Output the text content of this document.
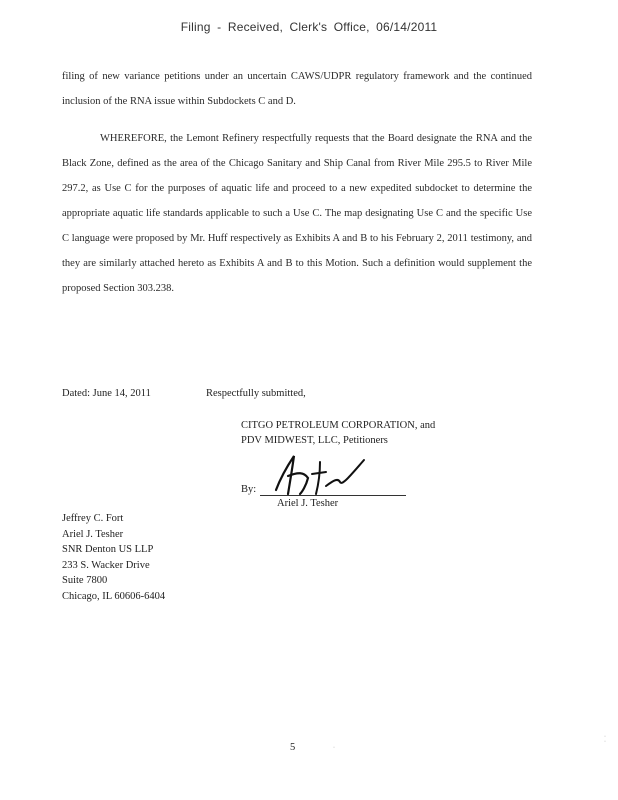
Filing - Received, Clerk's Office, 06/14/2011
filing of new variance petitions under an uncertain CAWS/UDPR regulatory framework and the continued inclusion of the RNA issue within Subdockets C and D.
WHEREFORE, the Lemont Refinery respectfully requests that the Board designate the RNA and the Black Zone, defined as the area of the Chicago Sanitary and Ship Canal from River Mile 295.5 to River Mile 297.2, as Use C for the purposes of aquatic life and proceed to a new expedited subdocket to determine the appropriate aquatic life standards applicable to such a Use C. The map designating Use C and the specific Use C language were proposed by Mr. Huff respectively as Exhibits A and B to his February 2, 2011 testimony, and they are similarly attached hereto as Exhibits A and B to this Motion. Such a definition would supplement the proposed Section 303.238.
Dated: June 14, 2011	Respectfully submitted,
CITGO PETROLEUM CORPORATION, and
PDV MIDWEST, LLC, Petitioners
By:
Ariel J. Tesher
Jeffrey C. Fort
Ariel J. Tesher
SNR Denton US LLP
233 S. Wacker Drive
Suite 7800
Chicago, IL 60606-6404
5	·
·
·
